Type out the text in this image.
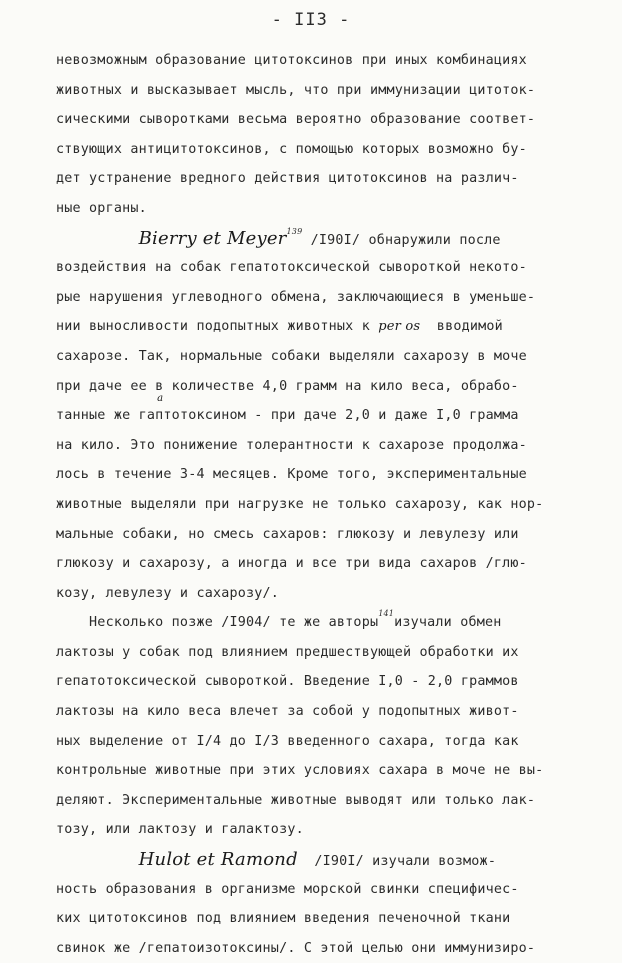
- II3 -
невозможным образование цитотоксинов при иных комбинациях
животных и высказывает мысль, что при иммунизации цитоток-
сическими сыворотками весьма вероятно образование соответ-
ствующих антицитотоксинов, с помощью которых возможно бу-
дет устранение вредного действия цитотоксинов на различ-
ные органы.
Bierry et Meyer$^{139}$ /I90I/ обнаружили после
воздействия на собак гепатотоксической сывороткой некото-
рые нарушения углеводного обмена, заключающиеся в уменьше-
нии выносливости подопытных животных к per os  вводимой
сахарозе. Так, нормальные собаки выделяли сахарозу в моче
при даче ее в количестве 4,0 грамм на кило веса, обрабо-
танные же гап
а
тотоксином - при даче 2,0 и даже I,0 грамма
на кило. Это понижение толерантности к сахарозе продолжа-
лось в течение 3-4 месяцев. Кроме того, экспериментальные
животные выделяли при нагрузке не только сахарозу, как нор-
мальные собаки, но смесь сахаров: глюкозу и левулезу или
глюкозу и сахарозу, а иногда и все три вида сахаров /глю-
козу, левулезу и сахарозу/.
Несколько позже /I904/ те же авторы$^{141}$изучали обмен
лактозы у собак под влиянием предшествующей обработки их
гепатотоксической сывороткой. Введение I,0 - 2,0 граммов
лактозы на кило веса влечет за собой у подопытных живот-
ных выделение от I/4 до I/3 введенного сахара, тогда как
контрольные животные при этих условиях сахара в моче не вы-
деляют. Экспериментальные животные выводят или только лак-
тозу, или лактозу и галактозу.
Hulot et Ramond  /I90I/ изучали возмож-
ность образования в организме морской свинки специфичес-
ких цитотоксинов под влиянием введения печеночной ткани
свинок же /гепатоизотоксины/. С этой целью они иммунизиро-
